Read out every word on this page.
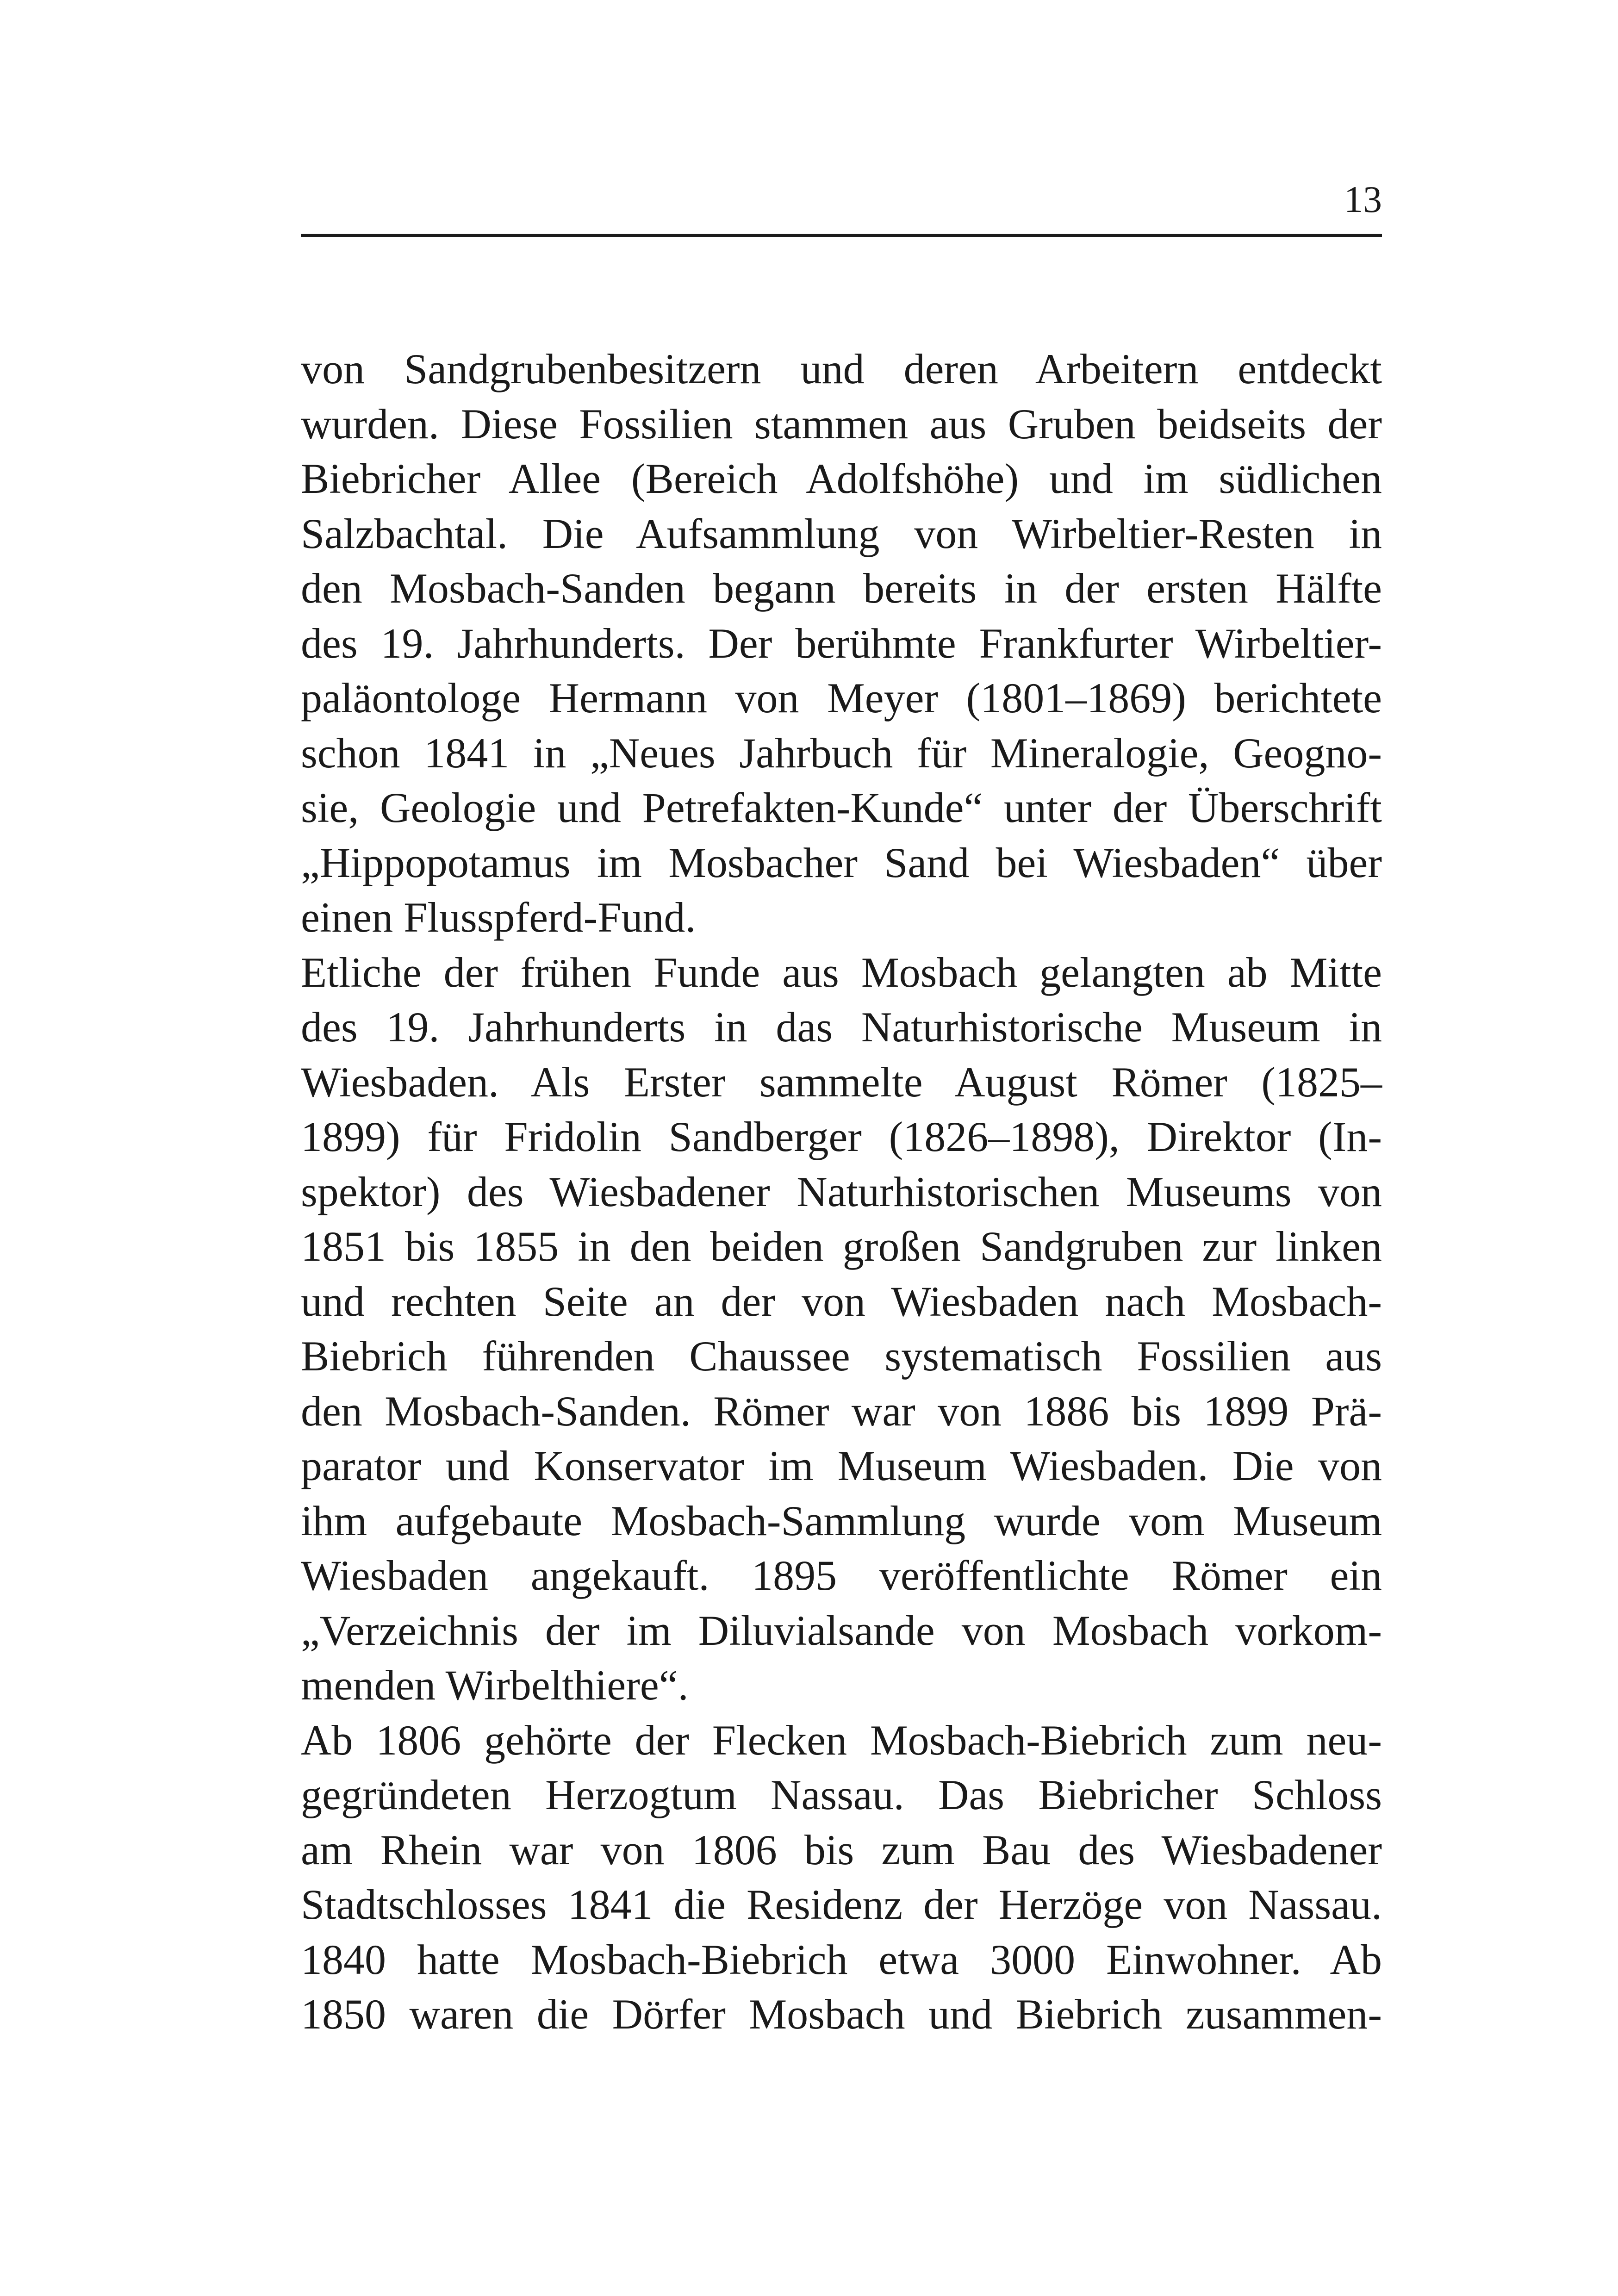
13
von Sandgrubenbesitzern und deren Arbeitern entdeckt
wurden. Diese Fossilien stammen aus Gruben beidseits der
Biebricher Allee (Bereich Adolfshöhe) und im südlichen
Salzbachtal. Die Aufsammlung von Wirbeltier-Resten in
den Mosbach-Sanden begann bereits in der ersten Hälfte
des 19. Jahrhunderts. Der berühmte Frankfurter Wirbeltier-
paläontologe Hermann von Meyer (1801–1869) berichtete
schon 1841 in „Neues Jahrbuch für Mineralogie, Geogno-
sie, Geologie und Petrefakten-Kunde“ unter der Überschrift
„Hippopotamus im Mosbacher Sand bei Wiesbaden“ über
einen Flusspferd-Fund.
Etliche der frühen Funde aus Mosbach gelangten ab Mitte
des 19. Jahrhunderts in das Naturhistorische Museum in
Wiesbaden. Als Erster sammelte August Römer (1825–
1899) für Fridolin Sandberger (1826–1898), Direktor (In-
spektor) des Wiesbadener Naturhistorischen Museums von
1851 bis 1855 in den beiden großen Sandgruben zur linken
und rechten Seite an der von Wiesbaden nach Mosbach-
Biebrich führenden Chaussee systematisch Fossilien aus
den Mosbach-Sanden. Römer war von 1886 bis 1899 Prä-
parator und Konservator im Museum Wiesbaden. Die von
ihm aufgebaute Mosbach-Sammlung wurde vom Museum
Wiesbaden angekauft. 1895 veröffentlichte Römer ein
„Verzeichnis der im Diluvialsande von Mosbach vorkom-
menden Wirbelthiere“.
Ab 1806 gehörte der Flecken Mosbach-Biebrich zum neu-
gegründeten Herzogtum Nassau. Das Biebricher Schloss
am Rhein war von 1806 bis zum Bau des Wiesbadener
Stadtschlosses 1841 die Residenz der Herzöge von Nassau.
1840 hatte Mosbach-Biebrich etwa 3000 Einwohner. Ab
1850 waren die Dörfer Mosbach und Biebrich zusammen-
